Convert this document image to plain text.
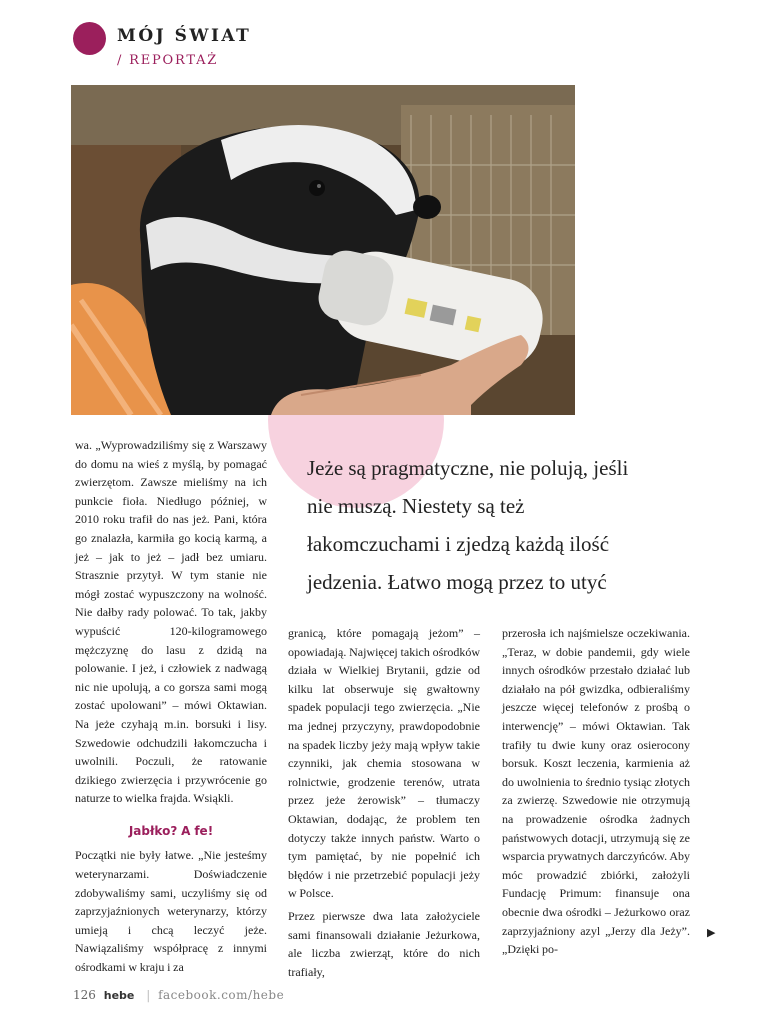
MÓJ ŚWIAT
/ REPORTAŻ

wa. „Wyprowadziliśmy się z Warszawy do domu na wieś z myślą, by pomagać zwierzętom. Zawsze mieliśmy na ich punkcie fioła. Niedługo później, w 2010 roku trafił do nas jeż. Pani, która go znalazła, karmiła go kocią karmą, a jeż – jak to jeż – jadł bez umiaru. Strasznie przytył. W tym stanie nie mógł zostać wypuszczony na wolność. Nie dałby rady polować. To tak, jakby wypuścić 120-kilogramowego mężczyznę do lasu z dzidą na polowanie. I jeż, i człowiek z nadwagą nic nie upolują, a co gorsza sami mogą zostać upolowani” – mówi Oktawian. Na jeże czyhają m.in. borsuki i lisy. Szwedowie odchudzili łakomczucha i uwolnili. Poczuli, że ratowanie dzikiego zwierzęcia i przywrócenie go naturze to wielka frajda. Wsiąkli.

Jabłko? A fe!

Początki nie były łatwe. „Nie jesteśmy weterynarzami. Doświadczenie zdobywaliśmy sami, uczyliśmy się od zaprzyjaźnionych weterynarzy, którzy umieją i chcą leczyć jeże. Nawiązaliśmy współpracę z innymi ośrodkami w kraju i za

Jeże są pragmatyczne, nie polują, jeśli nie muszą. Niestety są też łakomczuchami i zjedzą każdą ilość jedzenia. Łatwo mogą przez to utyć

granicą, które pomagają jeżom” – opowiadają. Najwięcej takich ośrodków działa w Wielkiej Brytanii, gdzie od kilku lat obserwuje się gwałtowny spadek populacji tego zwierzęcia. „Nie ma jednej przyczyny, prawdopodobnie na spadek liczby jeży mają wpływ takie czynniki, jak chemia stosowana w rolnictwie, grodzenie terenów, utrata przez jeże żerowisk” – tłumaczy Oktawian, dodając, że problem ten dotyczy także innych państw. Warto o tym pamiętać, by nie popełnić ich błędów i nie przetrzebić populacji jeży w Polsce.

Przez pierwsze dwa lata założyciele sami finansowali działanie Jeżurkowa, ale liczba zwierząt, które do nich trafiały,

przerosła ich najśmielsze oczekiwania. „Teraz, w dobie pandemii, gdy wiele innych ośrodków przestało działać lub działało na pół gwizdka, odbieraliśmy jeszcze więcej telefonów z prośbą o interwencję” – mówi Oktawian. Tak trafiły tu dwie kuny oraz osierocony borsuk. Koszt leczenia, karmienia aż do uwolnienia to średnio tysiąc złotych za zwierzę. Szwedowie nie otrzymują na prowadzenie ośrodka żadnych państwowych dotacji, utrzymują się ze wsparcia prywatnych darczyńców. Aby móc prowadzić zbiórki, założyli Fundację Primum: finansuje ona obecnie dwa ośrodki – Jeżurkowo oraz zaprzyjaźniony azyl „Jerzy dla Jeży”. „Dzięki po-

▶
126 hebe | facebook.com/hebe
